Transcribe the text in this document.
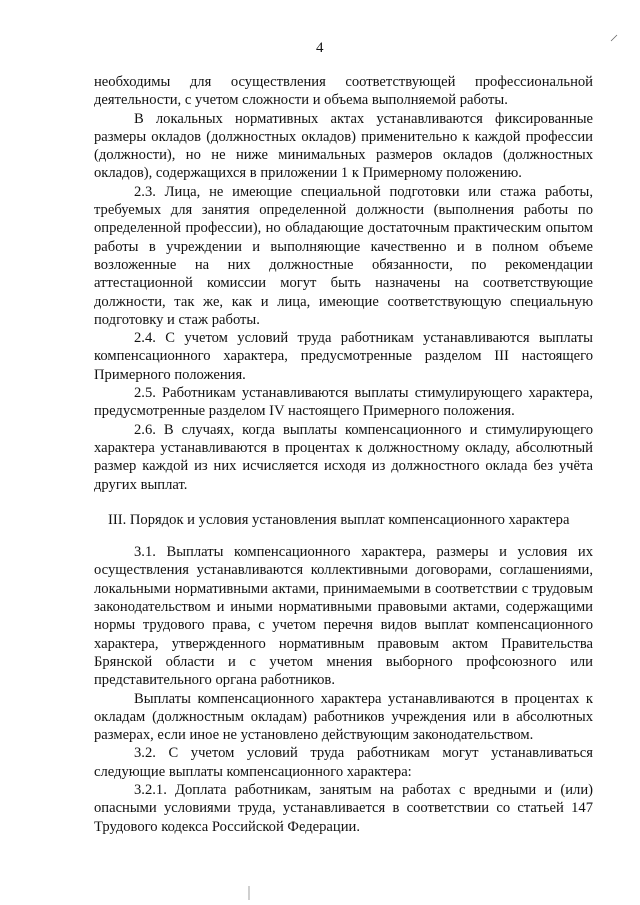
4

необходимы для осуществления соответствующей профессиональной деятельности, с учетом сложности и объема выполняемой работы.

В локальных нормативных актах устанавливаются фиксированные размеры окладов (должностных окладов) применительно к каждой профессии (должности), но не ниже минимальных размеров окладов (должностных окладов), содержащихся в приложении 1 к Примерному положению.

2.3. Лица, не имеющие специальной подготовки или стажа работы, требуемых для занятия определенной должности (выполнения работы по определенной профессии), но обладающие достаточным практическим опытом работы в учреждении и выполняющие качественно и в полном объеме возложенные на них должностные обязанности, по рекомендации аттестационной комиссии могут быть назначены на соответствующие должности, так же, как и лица, имеющие соответствующую специальную подготовку и стаж работы.

2.4. С учетом условий труда работникам устанавливаются выплаты компенсационного характера, предусмотренные разделом III настоящего Примерного положения.

2.5. Работникам устанавливаются выплаты стимулирующего характера, предусмотренные разделом IV настоящего Примерного положения.

2.6. В случаях, когда выплаты компенсационного и стимулирующего характера устанавливаются в процентах к должностному окладу, абсолютный размер каждой из них исчисляется исходя из должностного оклада без учёта других выплат.

III. Порядок и условия установления выплат компенсационного характера

3.1. Выплаты компенсационного характера, размеры и условия их осуществления устанавливаются коллективными договорами, соглашениями, локальными нормативными актами, принимаемыми в соответствии с трудовым законодательством и иными нормативными правовыми актами, содержащими нормы трудового права, с учетом перечня видов выплат компенсационного характера, утвержденного нормативным правовым актом Правительства Брянской области и с учетом мнения выборного профсоюзного или представительного органа работников.

Выплаты компенсационного характера устанавливаются в процентах к окладам (должностным окладам) работников учреждения или в абсолютных размерах, если иное не установлено действующим законодательством.

3.2. С учетом условий труда работникам могут устанавливаться следующие выплаты компенсационного характера:

3.2.1. Доплата работникам, занятым на работах с вредными и (или) опасными условиями труда, устанавливается в соответствии со статьей 147 Трудового кодекса Российской Федерации.
